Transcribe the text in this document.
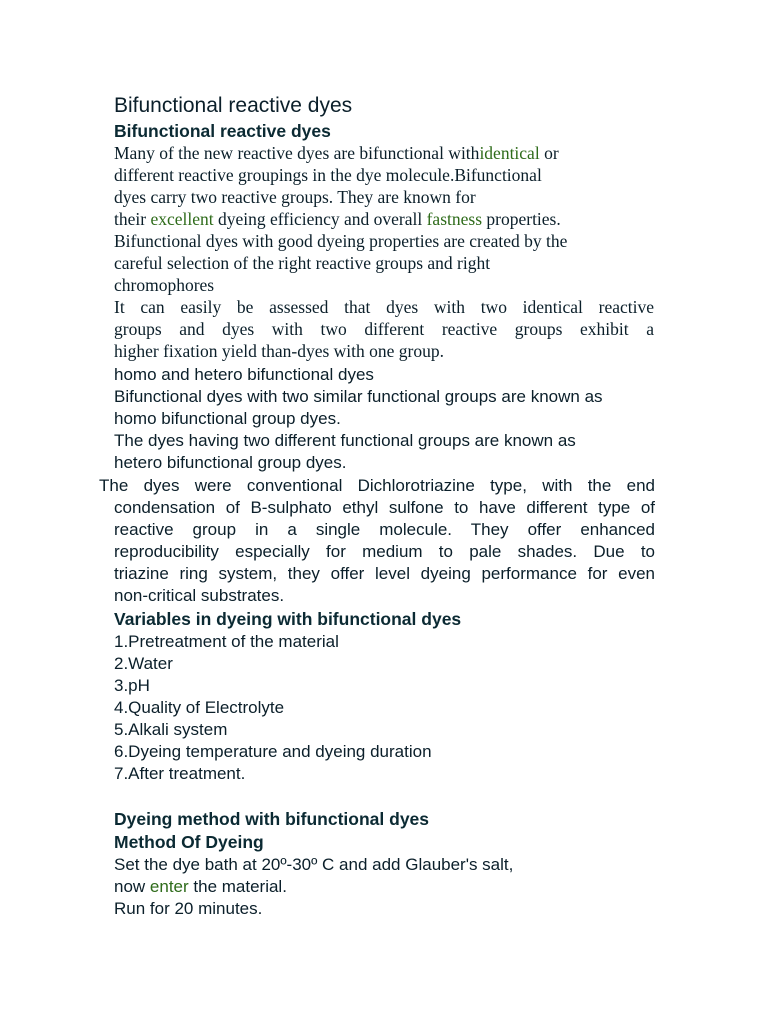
Bifunctional reactive dyes
Bifunctional reactive dyes
Many of the new reactive dyes are bifunctional withidentical or
different reactive groupings in the dye molecule.Bifunctional
dyes carry two reactive groups. They are known for
their excellent dyeing efficiency and overall fastness properties.
Bifunctional dyes with good dyeing properties are created by the
careful selection of the right reactive groups and right
chromophores
It can easily be assessed that dyes with two identical reactive
groups and dyes with two different reactive groups exhibit a
higher fixation yield than-dyes with one group.
homo and hetero bifunctional dyes
Bifunctional dyes with two similar functional groups are known as
homo bifunctional group dyes.
The dyes having two different functional groups are known as
hetero bifunctional group dyes.
The dyes were conventional Dichlorotriazine type, with the end
condensation of B-sulphato ethyl sulfone to have different type of
reactive group in a single molecule. They offer enhanced
reproducibility especially for medium to pale shades. Due to
triazine ring system, they offer level dyeing performance for even
non-critical substrates.
Variables in dyeing with bifunctional dyes
1.Pretreatment of the material
2.Water
3.pH
4.Quality of Electrolyte
5.Alkali system
6.Dyeing temperature and dyeing duration
7.After treatment.
Dyeing method with bifunctional dyes
Method Of Dyeing
Set the dye bath at 20º-30º C and add Glauber's salt,
now enter the material.
Run for 20 minutes.
